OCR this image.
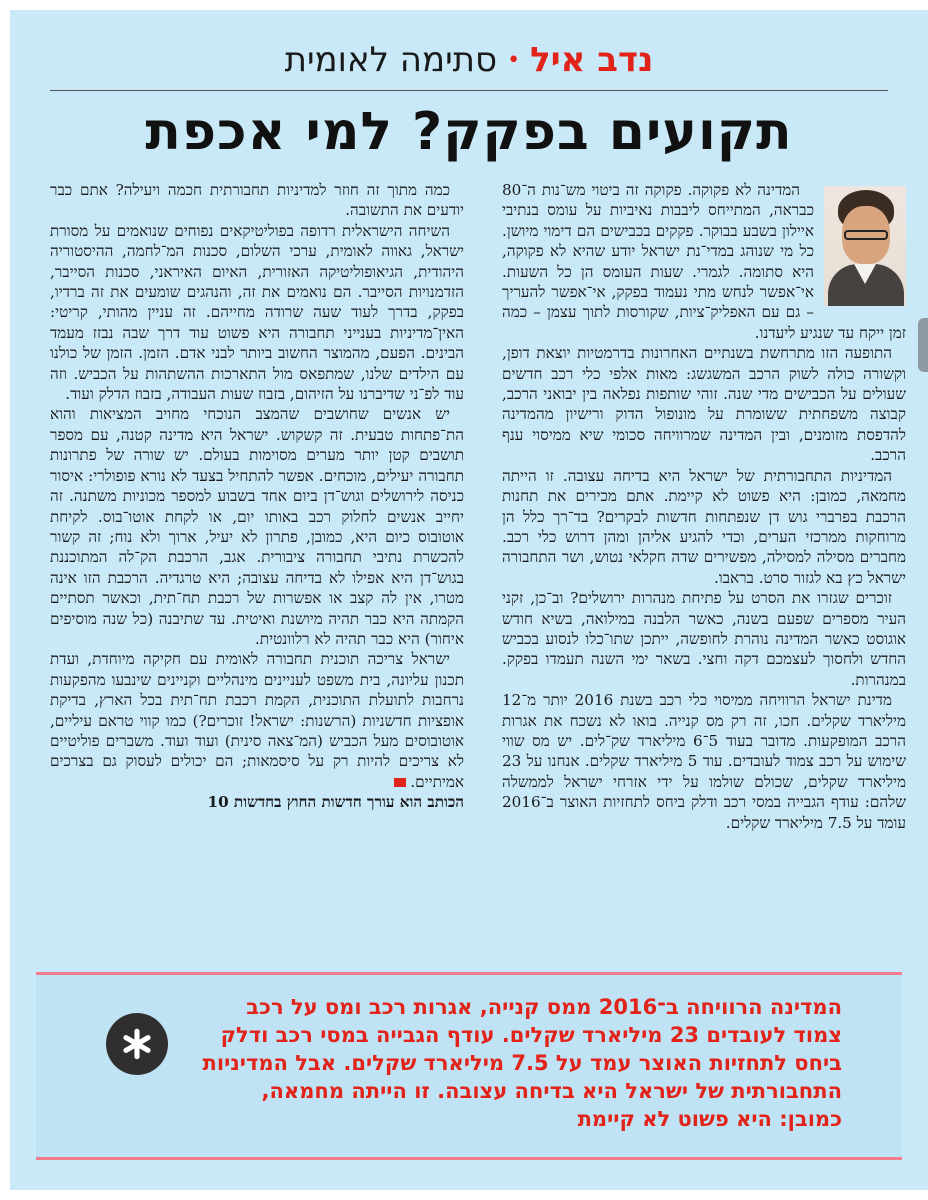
נדב איל
•
סתימה לאומית
תקועים בפקק? למי אכפת

המדינה לא פקוקה. פקוקה זה ביטוי מש־נות ה־80 כבראה, המתייחס ליבבות נאיביות על עומס בנתיבי איילון בשבע בבוקר. פקקים בכבישים הם דימוי מיושן. כל מי שנוהג במדי־נת ישראל יודע שהיא לא פקוקה, היא סתומה. לגמרי. שעות העומס הן כל השעות. אי־אפשר לנחש מתי נעמוד בפקק, אי־אפשר להעריך – גם עם האפליק־ציות, שקורסות לתוך עצמן – כמה זמן ייקח עד שנגיע ליעדנו.

התופעה הזו מתרחשת בשנתיים האחרונות בדרמטיות יוצאת דופן, וקשורה כולה לשוק הרכב המשגשג: מאות אלפי כלי רכב חדשים שעולים על הכבישים מדי שנה. זוהי שותפות נפלאה בין יבואני הרכב, קבוצה משפחתית ששומרת על מונופול הדוק ורישיון מהמדינה להדפסת מזומנים, ובין המדינה שמרוויחה סכומי שיא ממיסוי ענף הרכב.

המדיניות התחבורתית של ישראל היא בדיחה עצובה. זו הייתה מחמאה, כמובן: היא פשוט לא קיימת. אתם מכירים את תחנות הרכבת בפרברי גוש דן שנפתחות חדשות לבקרים? בד־רך כלל הן מרוחקות ממרכזי הערים, וכדי להגיע אליהן ומהן דרוש כלי רכב. מחברים מסילה למסילה, מפשירים שדה חקלאי נטוש, ושר התחבורה ישראל כץ בא לגזור סרט. בראבו.

זוכרים שגזרו את הסרט על פתיחת מנהרות ירושלים? וב־כן, זקני העיר מספרים שפעם בשנה, כאשר הלבנה במילואה, בשיא חודש אוגוסט כאשר המדינה נוהרת לחופשה, ייתכן שתו־כלו לנסוע בכביש החדש ולחסוך לעצמכם דקה וחצי. בשאר ימי השנה תעמדו בפקק. במנהרות.

מדינת ישראל הרוויחה ממיסוי כלי רכב בשנת 2016 יותר מ־12 מיליארד שקלים. חכו, זה רק מס קנייה. בואו לא נשכח את אגרות הרכב המופקעות. מדובר בעוד 5־6 מיליארד שק־לים. יש מס שווי שימוש על רכב צמוד לעובדים. עוד 5 מיליארד שקלים. אנחנו על 23 מיליארד שקלים, שכולם שולמו על ידי אזרחי ישראל לממשלה שלהם: עודף הגבייה במסי רכב ודלק ביחס לתחזיות האוצר ב־2016 עומד על 7.5 מיליארד שקלים.

כמה מתוך זה חוזר למדיניות תחבורתית חכמה ויעילה? אתם כבר יודעים את התשובה.

השיחה הישראלית רדופה בפוליטיקאים נפוחים שנואמים על מסורת ישראל, גאווה לאומית, ערכי השלום, סכנות המ־לחמה, ההיסטוריה היהודית, הגיאופוליטיקה האזורית, האיום האיראני, סכנות הסייבר, הזדמנויות הסייבר. הם נואמים את זה, והנהגים שומעים את זה ברדיו, בפקק, בדרך לעוד שעה שרודה מחייהם. זה עניין מהותי, קריטי: האין־מדיניות בענייני תחבורה היא פשוט עוד דרך שבה נבזז מעמד הבינים. הפעם, מהמוצר החשוב ביותר לבני אדם. הזמן. הזמן של כולנו עם הילדים שלנו, שמתפאס מול התארכות ההשתהות על הכביש. וזה עוד לפ־ני שדיברנו על הזיהום, בזבוז שעות העבודה, בזבוז הדלק ועוד.

יש אנשים שחושבים שהמצב הנוכחי מחויב המציאות והוא הת־פתחות טבעית. זה קשקוש. ישראל היא מדינה קטנה, עם מספר תושבים קטן יותר מערים מסוימות בעולם. יש שורה של פתרונות תחבורה יעילים, מוכחים. אפשר להתחיל בצעד לא נורא פופולרי: איסור כניסה לירושלים וגוש־דן ביום אחד בשבוע למספר מכוניות משתנה. זה יחייב אנשים לחלוק רכב באותו יום, או לקחת אוטו־בוס. לקיחת אוטובוס כיום היא, כמובן, פתרון לא יעיל, ארוך ולא נוח; זה קשור להכשרת נתיבי תחבורה ציבורית. אגב, הרכבת הק־לה המתוכננת בגוש־דן היא אפילו לא בדיחה עצובה; היא טרגדיה. הרכבת הזו אינה מטרו, אין לה קצב או אפשרות של רכבת תח־תית, וכאשר תסתיים הקמתה היא כבר תהיה מיושנת ואיטית. עד שתיבנה (כל שנה מוסיפים איחור) היא כבר תהיה לא רלוונטית.

ישראל צריכה תוכנית תחבורה לאומית עם חקיקה מיוחדת, ועדת תכנון עליונה, בית משפט לעניינים מינהליים וקניינים שינבעו מהפקעות נרחבות לתועלת התוכנית, הקמת רכבת תח־תית בכל הארץ, בדיקת אופציות חדשניות (הרשנות: ישראל! זוכרים?) כמו קווי טראם עיליים, אוטובוסים מעל הכביש (המ־צאה סינית) ועוד ועוד. משברים פוליטיים לא צריכים להיות רק על סיסמאות; הם יכולים לעסוק גם בצרכים אמיתיים.

הכותב הוא עורך חדשות החוץ בחדשות 10

המדינה הרוויחה ב־2016 ממס קנייה, אגרות רכב ומס על רכב צמוד לעובדים 23 מיליארד שקלים. עודף הגבייה במסי רכב ודלק ביחס לתחזיות האוצר עמד על 7.5 מיליארד שקלים. אבל המדיניות התחבורתית של ישראל היא בדיחה עצובה. זו הייתה מחמאה, כמובן: היא פשוט לא קיימת
